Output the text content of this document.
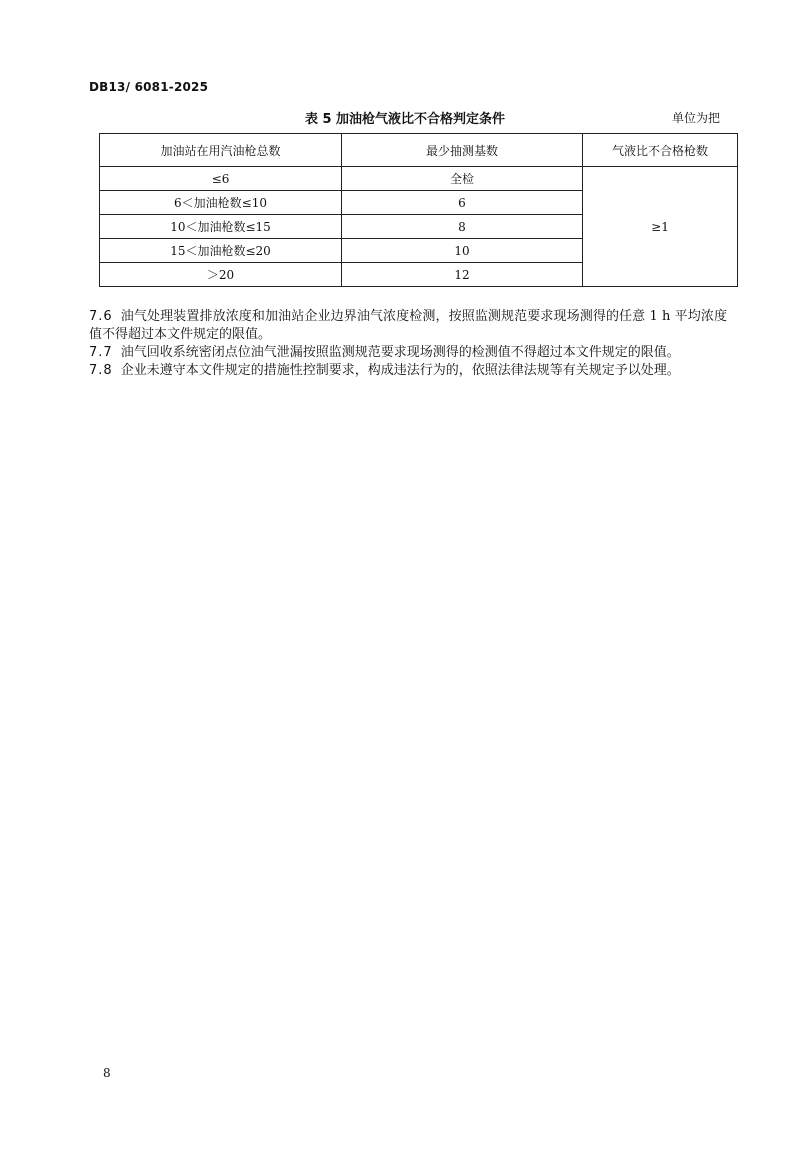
DB13/ 6081-2025
表 5 加油枪气液比不合格判定条件	单位为把
加油站在用汽油枪总数	最少抽测基数	气液比不合格枪数
≤6	全检	≥1
6＜加油枪数≤10	6	
10＜加油枪数≤15	8	
15＜加油枪数≤20	10	
＞20	12	

7.6 油气处理装置排放浓度和加油站企业边界油气浓度检测，按照监测规范要求现场测得的任意 1 h 平均浓度值不得超过本文件规定的限值。

7.7 油气回收系统密闭点位油气泄漏按照监测规范要求现场测得的检测值不得超过本文件规定的限值。

7.8 企业未遵守本文件规定的措施性控制要求，构成违法行为的，依照法律法规等有关规定予以处理。

8
